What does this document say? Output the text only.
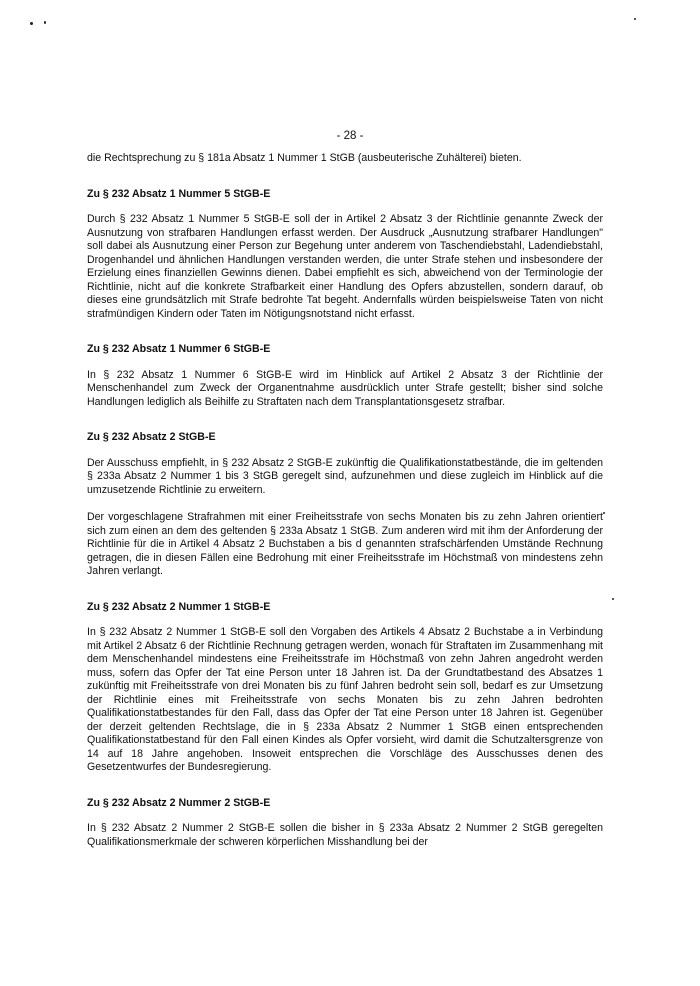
- 28 -

die Rechtsprechung zu § 181a Absatz 1 Nummer 1 StGB (ausbeuterische Zuhälterei) bieten.

Zu § 232 Absatz 1 Nummer 5 StGB-E

Durch § 232 Absatz 1 Nummer 5 StGB-E soll der in Artikel 2 Absatz 3 der Richtlinie genannte Zweck der Ausnutzung von strafbaren Handlungen erfasst werden. Der Ausdruck „Ausnutzung strafbarer Handlungen" soll dabei als Ausnutzung einer Person zur Begehung unter anderem von Taschendiebstahl, Ladendiebstahl, Drogenhandel und ähnlichen Handlungen verstanden werden, die unter Strafe stehen und insbesondere der Erzielung eines finanziellen Gewinns dienen. Dabei empfiehlt es sich, abweichend von der Terminologie der Richtlinie, nicht auf die konkrete Strafbarkeit einer Handlung des Opfers abzustellen, sondern darauf, ob dieses eine grundsätzlich mit Strafe bedrohte Tat begeht. Andernfalls würden beispielsweise Taten von nicht strafmündigen Kindern oder Taten im Nötigungsnotstand nicht erfasst.

Zu § 232 Absatz 1 Nummer 6 StGB-E

In § 232 Absatz 1 Nummer 6 StGB-E wird im Hinblick auf Artikel 2 Absatz 3 der Richtlinie der Menschenhandel zum Zweck der Organentnahme ausdrücklich unter Strafe gestellt; bisher sind solche Handlungen lediglich als Beihilfe zu Straftaten nach dem Transplantationsgesetz strafbar.

Zu § 232 Absatz 2 StGB-E

Der Ausschuss empfiehlt, in § 232 Absatz 2 StGB-E zukünftig die Qualifikationstatbestände, die im geltenden § 233a Absatz 2 Nummer 1 bis 3 StGB geregelt sind, aufzunehmen und diese zugleich im Hinblick auf die umzusetzende Richtlinie zu erweitern.

Der vorgeschlagene Strafrahmen mit einer Freiheitsstrafe von sechs Monaten bis zu zehn Jahren orientiert sich zum einen an dem des geltenden § 233a Absatz 1 StGB. Zum anderen wird mit ihm der Anforderung der Richtlinie für die in Artikel 4 Absatz 2 Buchstaben a bis d genannten strafschärfenden Umstände Rechnung getragen, die in diesen Fällen eine Bedrohung mit einer Freiheitsstrafe im Höchstmaß von mindestens zehn Jahren verlangt.

Zu § 232 Absatz 2 Nummer 1 StGB-E

In § 232 Absatz 2 Nummer 1 StGB-E soll den Vorgaben des Artikels 4 Absatz 2 Buchstabe a in Verbindung mit Artikel 2 Absatz 6 der Richtlinie Rechnung getragen werden, wonach für Straftaten im Zusammenhang mit dem Menschenhandel mindestens eine Freiheitsstrafe im Höchstmaß von zehn Jahren angedroht werden muss, sofern das Opfer der Tat eine Person unter 18 Jahren ist. Da der Grundtatbestand des Absatzes 1 zukünftig mit Freiheitsstrafe von drei Monaten bis zu fünf Jahren bedroht sein soll, bedarf es zur Umsetzung der Richtlinie eines mit Freiheitsstrafe von sechs Monaten bis zu zehn Jahren bedrohten Qualifikationstatbestandes für den Fall, dass das Opfer der Tat eine Person unter 18 Jahren ist. Gegenüber der derzeit geltenden Rechtslage, die in § 233a Absatz 2 Nummer 1 StGB einen entsprechenden Qualifikationstatbestand für den Fall einen Kindes als Opfer vorsieht, wird damit die Schutzaltersgrenze von 14 auf 18 Jahre angehoben. Insoweit entsprechen die Vorschläge des Ausschusses denen des Gesetzentwurfes der Bundesregierung.

Zu § 232 Absatz 2 Nummer 2 StGB-E

In § 232 Absatz 2 Nummer 2 StGB-E sollen die bisher in § 233a Absatz 2 Nummer 2 StGB geregelten Qualifikationsmerkmale der schweren körperlichen Misshandlung bei der
